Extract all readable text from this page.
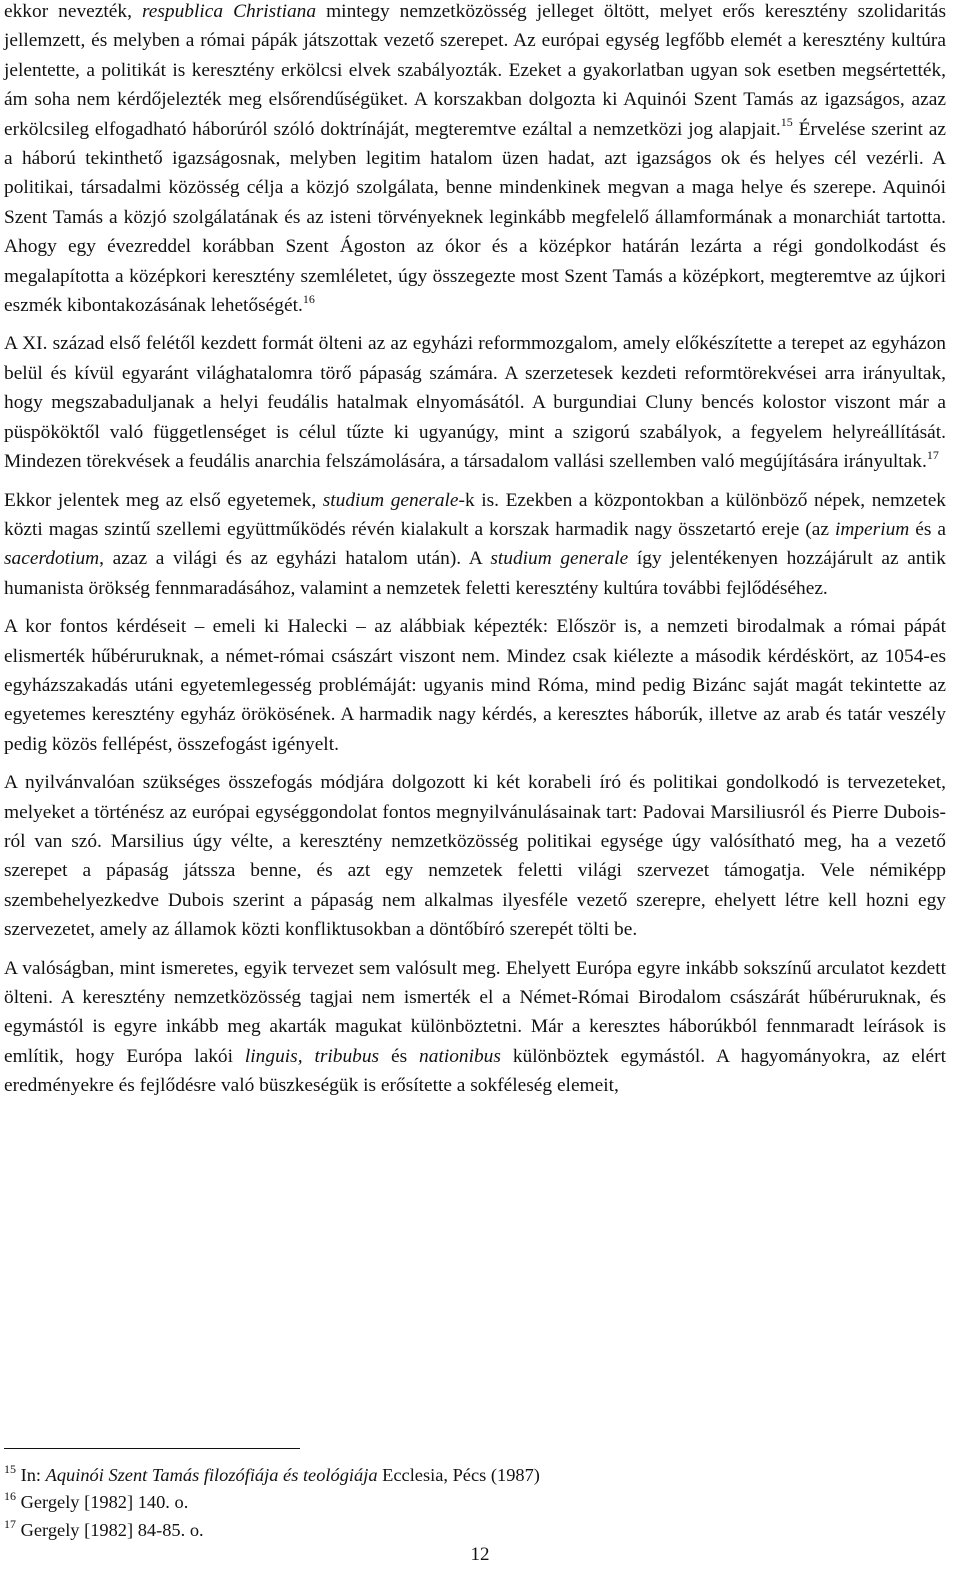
ekkor nevezték, respublica Christiana mintegy nemzetközösség jelleget öltött, melyet erős keresztény szolidaritás jellemzett, és melyben a római pápák játszottak vezető szerepet. Az európai egység legfőbb elemét a keresztény kultúra jelentette, a politikát is keresztény erkölcsi elvek szabályozták. Ezeket a gyakorlatban ugyan sok esetben megsértették, ám soha nem kérdőjelezték meg elsőrendűségüket. A korszakban dolgozta ki Aquinói Szent Tamás az igazságos, azaz erkölcsileg elfogadható háborúról szóló doktrínáját, megteremtve ezáltal a nemzetközi jog alapjait.$^{15}$ Érvelése szerint az a háború tekinthető igazságosnak, melyben legitim hatalom üzen hadat, azt igazságos ok és helyes cél vezérli. A politikai, társadalmi közösség célja a közjó szolgálata, benne mindenkinek megvan a maga helye és szerepe. Aquinói Szent Tamás a közjó szolgálatának és az isteni törvényeknek leginkább megfelelő államformának a monarchiát tartotta. Ahogy egy évezreddel korábban Szent Ágoston az ókor és a középkor határán lezárta a régi gondolkodást és megalapította a középkori keresztény szemléletet, úgy összegezte most Szent Tamás a középkort, megteremtve az újkori eszmék kibontakozásának lehetőségét.$^{16}$

A XI. század első felétől kezdett formát ölteni az az egyházi reformmozgalom, amely előkészítette a terepet az egyházon belül és kívül egyaránt világhatalomra törő pápaság számára. A szerzetesek kezdeti reformtörekvései arra irányultak, hogy megszabaduljanak a helyi feudális hatalmak elnyomásától. A burgundiai Cluny bencés kolostor viszont már a püspököktől való függetlenséget is célul tűzte ki ugyanúgy, mint a szigorú szabályok, a fegyelem helyreállítását. Mindezen törekvések a feudális anarchia felszámolására, a társadalom vallási szellemben való megújítására irányultak.$^{17}$

Ekkor jelentek meg az első egyetemek, studium generale-k is. Ezekben a központokban a különböző népek, nemzetek közti magas szintű szellemi együttműködés révén kialakult a korszak harmadik nagy összetartó ereje (az imperium és a sacerdotium, azaz a világi és az egyházi hatalom után). A studium generale így jelentékenyen hozzájárult az antik humanista örökség fennmaradásához, valamint a nemzetek feletti keresztény kultúra további fejlődéséhez.

A kor fontos kérdéseit – emeli ki Halecki – az alábbiak képezték: Először is, a nemzeti birodalmak a római pápát elismerték hűbéruruknak, a német-római császárt viszont nem. Mindez csak kiélezte a második kérdéskört, az 1054-es egyházszakadás utáni egyetemlegesség problémáját: ugyanis mind Róma, mind pedig Bizánc saját magát tekintette az egyetemes keresztény egyház örökösének. A harmadik nagy kérdés, a keresztes háborúk, illetve az arab és tatár veszély pedig közös fellépést, összefogást igényelt.

A nyilvánvalóan szükséges összefogás módjára dolgozott ki két korabeli író és politikai gondolkodó is tervezeteket, melyeket a történész az európai egységgondolat fontos megnyilvánulásainak tart: Padovai Marsiliusról és Pierre Dubois-ról van szó. Marsilius úgy vélte, a keresztény nemzetközösség politikai egysége úgy valósítható meg, ha a vezető szerepet a pápaság játssza benne, és azt egy nemzetek feletti világi szervezet támogatja. Vele némiképp szembehelyezkedve Dubois szerint a pápaság nem alkalmas ilyesféle vezető szerepre, ehelyett létre kell hozni egy szervezetet, amely az államok közti konfliktusokban a döntőbíró szerepét tölti be.

A valóságban, mint ismeretes, egyik tervezet sem valósult meg. Ehelyett Európa egyre inkább sokszínű arculatot kezdett ölteni. A keresztény nemzetközösség tagjai nem ismerték el a Német-Római Birodalom császárát hűbéruruknak, és egymástól is egyre inkább meg akarták magukat különböztetni. Már a keresztes háborúkból fennmaradt leírások is említik, hogy Európa lakói linguis, tribubus és nationibus különböztek egymástól. A hagyományokra, az elért eredményekre és fejlődésre való büszkeségük is erősítette a sokféleség elemeit,

$^{15}$ In: Aquinói Szent Tamás filozófiája és teológiája Ecclesia, Pécs (1987)
$^{16}$ Gergely [1982] 140. o.
$^{17}$ Gergely [1982] 84-85. o.
12
